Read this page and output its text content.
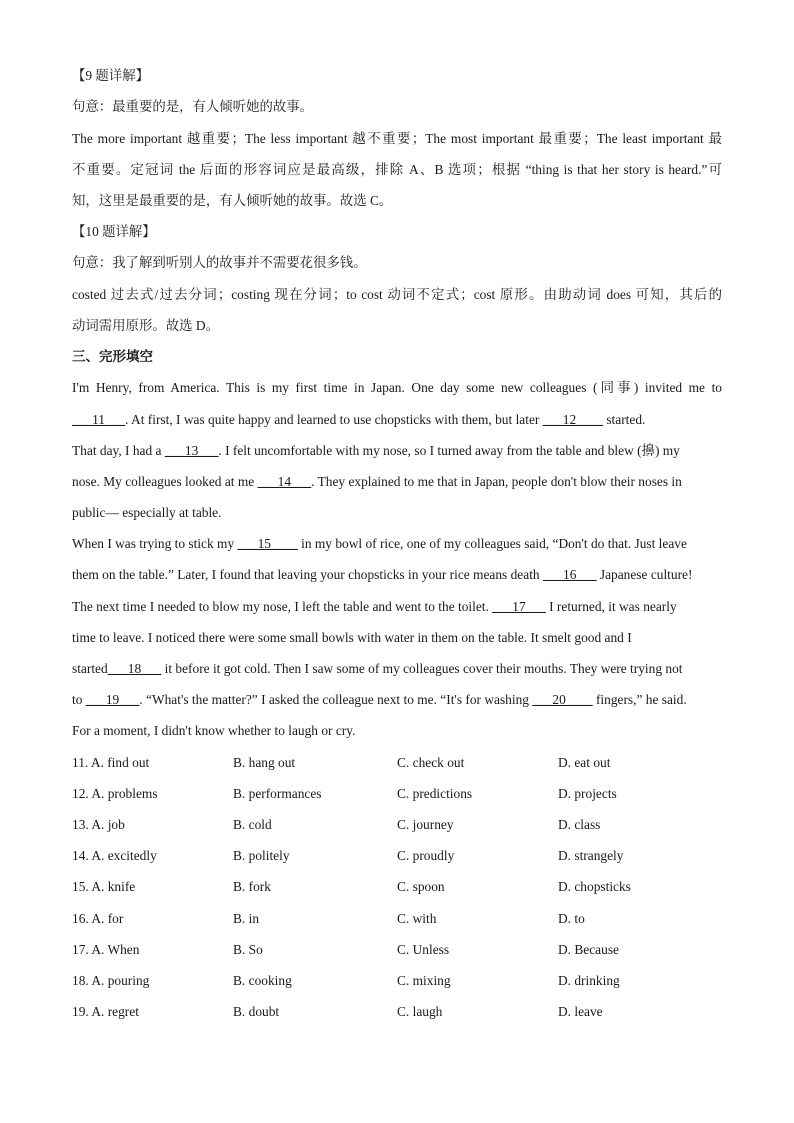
【9 题详解】
句意：最重要的是，有人倾听她的故事。
The more important 越重要；The less important 越不重要；The most important 最重要；The least important 最
不重要。定冠词 the 后面的形容词应是最高级，排除 A、B 选项；根据 “thing is that her story is heard.”可
知，这里是最重要的是，有人倾听她的故事。故选 C。
【10 题详解】
句意：我了解到听别人的故事并不需要花很多钱。
costed 过去式/过去分词；costing 现在分词；to cost 动词不定式；cost 原形。由助动词 does 可知，其后的
动词需用原形。故选 D。
三、完形填空
I'm Henry, from America. This is my first time in Japan. One day some new colleagues (同事) invited me to
___11___. At first, I was quite happy and learned to use chopsticks with them, but later ___12____ started.
That day, I had a ___13___. I felt uncomfortable with my nose, so I turned away from the table and blew (擤) my
nose. My colleagues looked at me ___14___. They explained to me that in Japan, people don't blow their noses in
public— especially at table.
When I was trying to stick my ___15____ in my bowl of rice, one of my colleagues said, “Don't do that. Just leave
them on the table.” Later, I found that leaving your chopsticks in your rice means death ___16___ Japanese culture!
The next time I needed to blow my nose, I left the table and went to the toilet. ___17___ I returned, it was nearly
time to leave. I noticed there were some small bowls with water in them on the table. It smelt good and I
started___18___ it before it got cold. Then I saw some of my colleagues cover their mouths. They were trying not
to ___19___. “What's the matter?” I asked the colleague next to me. “It's for washing ___20____ fingers,” he said.
For a moment, I didn't know whether to laugh or cry.
11. A. find out	B. hang out	C. check out	D. eat out
12. A. problems	B. performances	C. predictions	D. projects
13. A. job	B. cold	C. journey	D. class
14. A. excitedly	B. politely	C. proudly	D. strangely
15. A. knife	B. fork	C. spoon	D. chopsticks
16. A. for	B. in	C. with	D. to
17. A. When	B. So	C. Unless	D. Because
18. A. pouring	B. cooking	C. mixing	D. drinking
19. A. regret	B. doubt	C. laugh	D. leave
